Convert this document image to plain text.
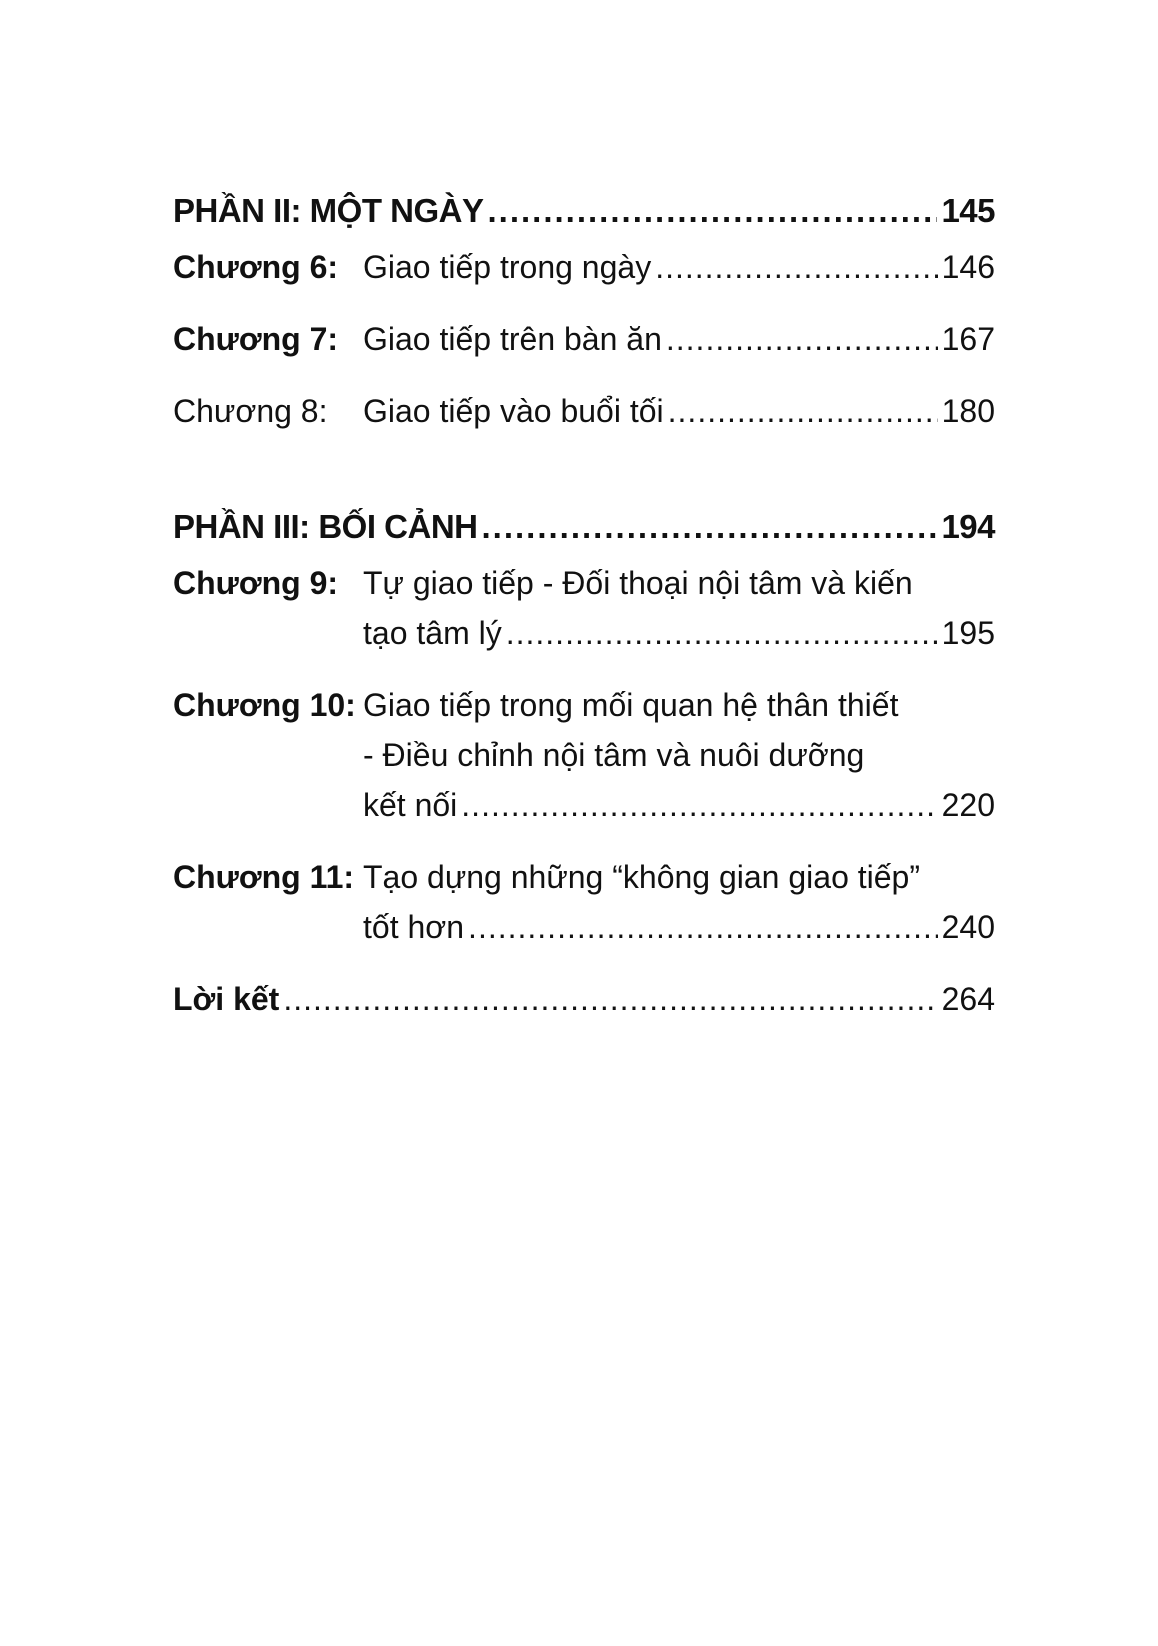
PHẦN II: MỘT NGÀY .....	145
Chương 6: Giao tiếp trong ngày .....	146
Chương 7: Giao tiếp trên bàn ăn .....	167
Chương 8:	Giao tiếp vào buổi tối .....	180
PHẦN III: BỐI CẢNH .....	194
Chương 9: Tự giao tiếp - Đối thoại nội tâm và kiến
tạo tâm lý .....	195
Chương 10: Giao tiếp trong mối quan hệ thân thiết
- Điều chỉnh nội tâm và nuôi dưỡng
kết nối .....	220
Chương 11: Tạo dựng những “không gian giao tiếp”
tốt hơn .....	240
Lời kết .....	264
